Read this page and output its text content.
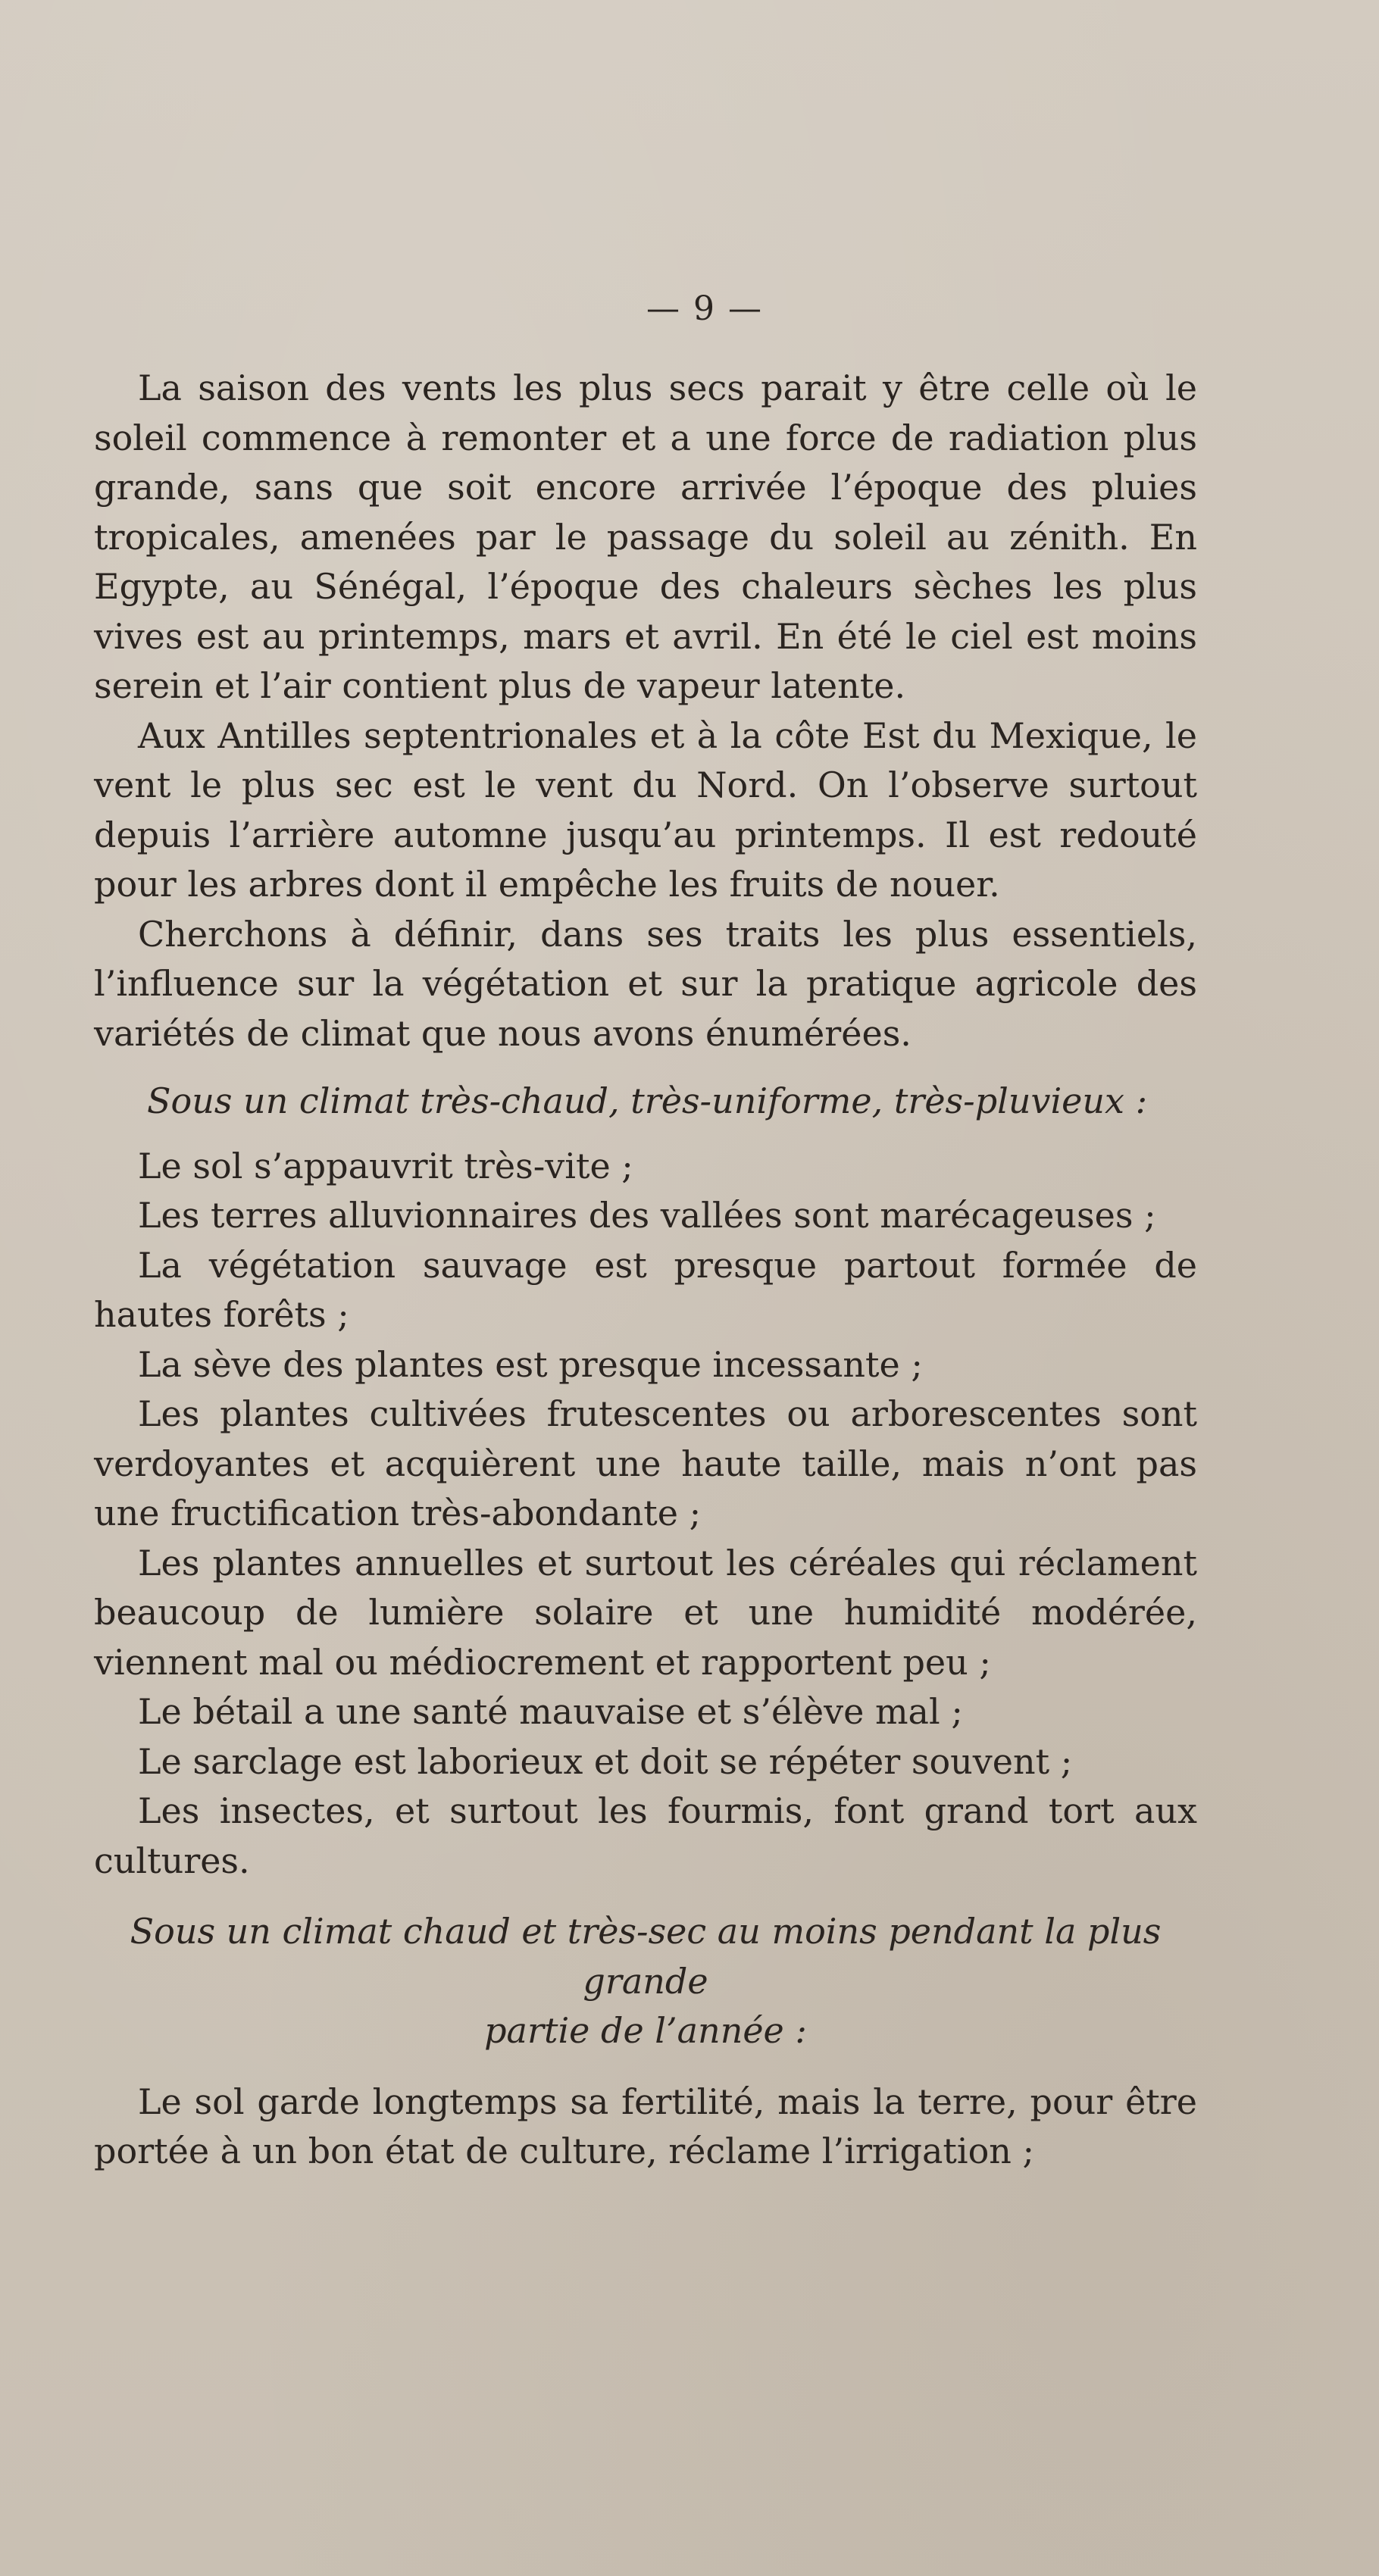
— 9 —

La saison des vents les plus secs parait y être celle où le soleil commence à remonter et a une force de radiation plus grande, sans que soit encore arrivée l’époque des pluies tropicales, amenées par le passage du soleil au zénith. En Egypte, au Sénégal, l’époque des chaleurs sèches les plus vives est au printemps, mars et avril. En été le ciel est moins serein et l’air contient plus de vapeur latente.

Aux Antilles septentrionales et à la côte Est du Mexique, le vent le plus sec est le vent du Nord. On l’observe surtout depuis l’arrière automne jusqu’au printemps. Il est redouté pour les arbres dont il empêche les fruits de nouer.

Cherchons à définir, dans ses traits les plus essentiels, l’influence sur la végétation et sur la pratique agricole des variétés de climat que nous avons énumérées.

Sous un climat très-chaud, très-uniforme, très-pluvieux :

Le sol s’appauvrit très-vite ;

Les terres alluvionnaires des vallées sont marécageuses ;

La végétation sauvage est presque partout formée de hautes forêts ;

La sève des plantes est presque incessante ;

Les plantes cultivées frutescentes ou arborescentes sont verdoyantes et acquièrent une haute taille, mais n’ont pas une fructification très-abondante ;

Les plantes annuelles et surtout les céréales qui réclament beaucoup de lumière solaire et une humidité modérée, viennent mal ou médiocrement et rapportent peu ;

Le bétail a une santé mauvaise et s’élève mal ;

Le sarclage est laborieux et doit se répéter souvent ;

Les insectes, et surtout les fourmis, font grand tort aux cultures.

Sous un climat chaud et très-sec au moins pendant la plus grande
partie de l’année :

Le sol garde longtemps sa fertilité, mais la terre, pour être portée à un bon état de culture, réclame l’irrigation ;
